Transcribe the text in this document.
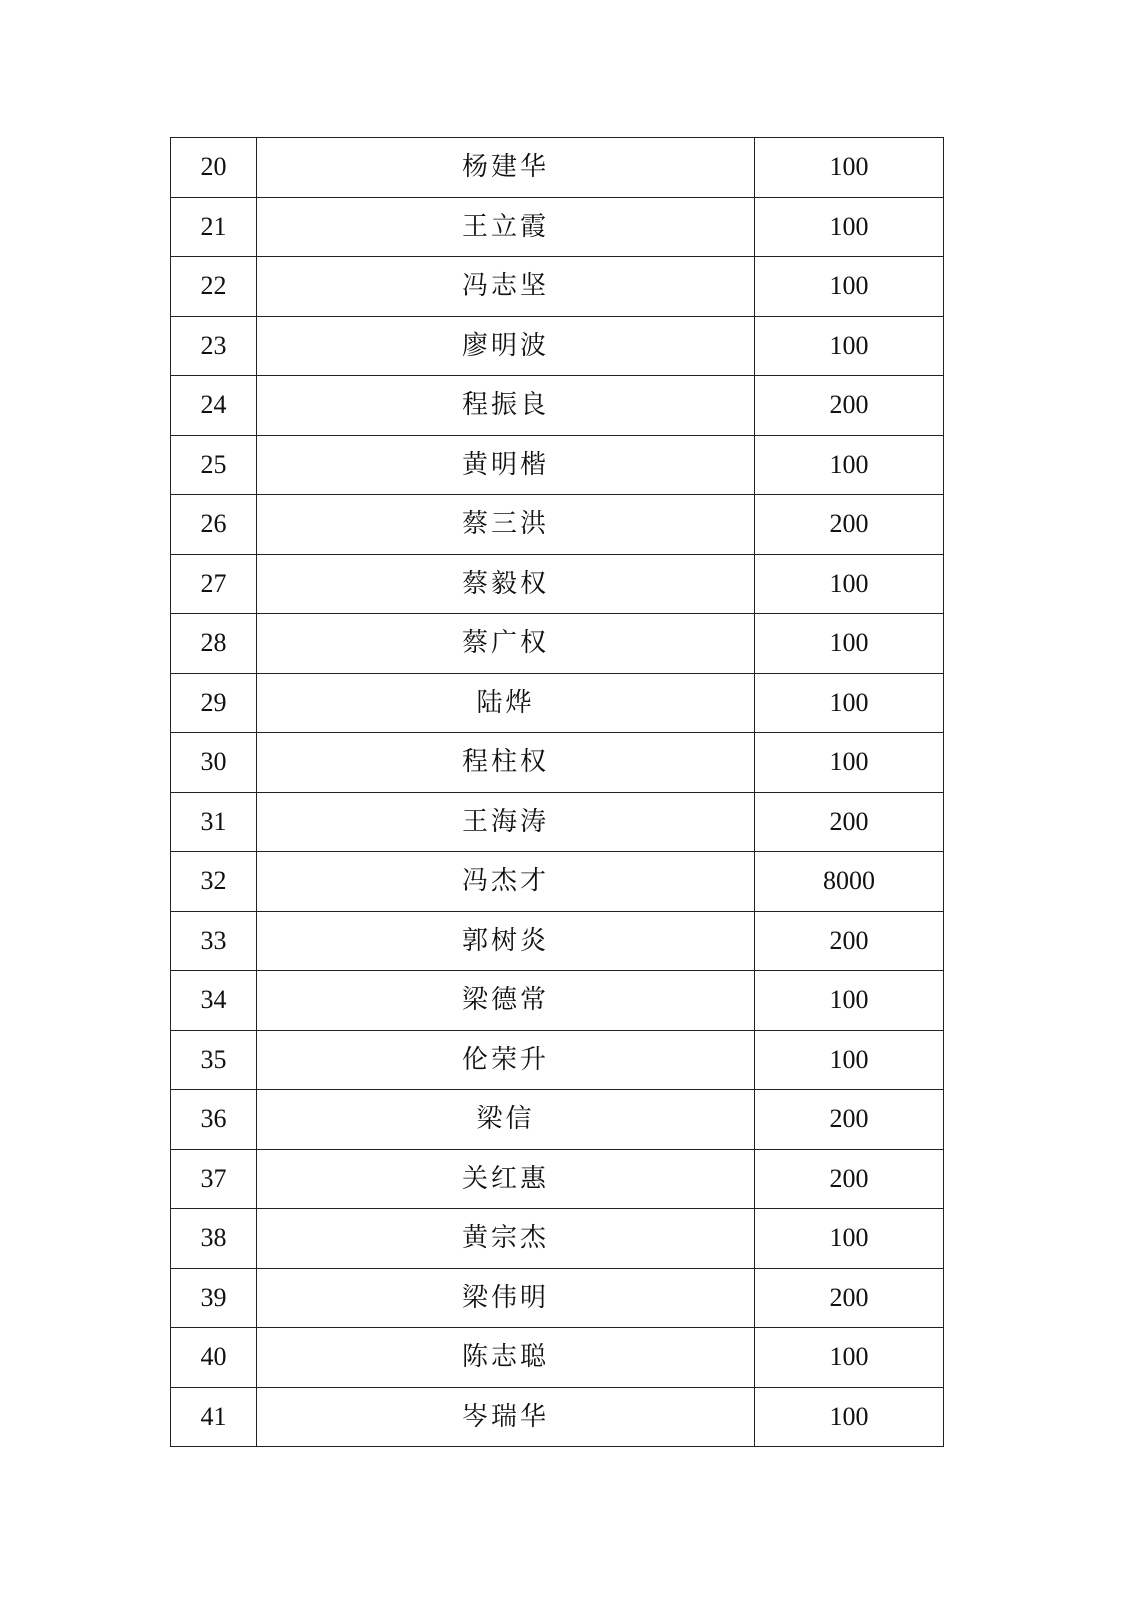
20	杨建华	100
21	王立霞	100
22	冯志坚	100
23	廖明波	100
24	程振良	200
25	黄明楷	100
26	蔡三洪	200
27	蔡毅权	100
28	蔡广权	100
29	陆烨	100
30	程柱权	100
31	王海涛	200
32	冯杰才	8000
33	郭树炎	200
34	梁德常	100
35	伦荣升	100
36	梁信	200
37	关红惠	200
38	黄宗杰	100
39	梁伟明	200
40	陈志聪	100
41	岑瑞华	100
